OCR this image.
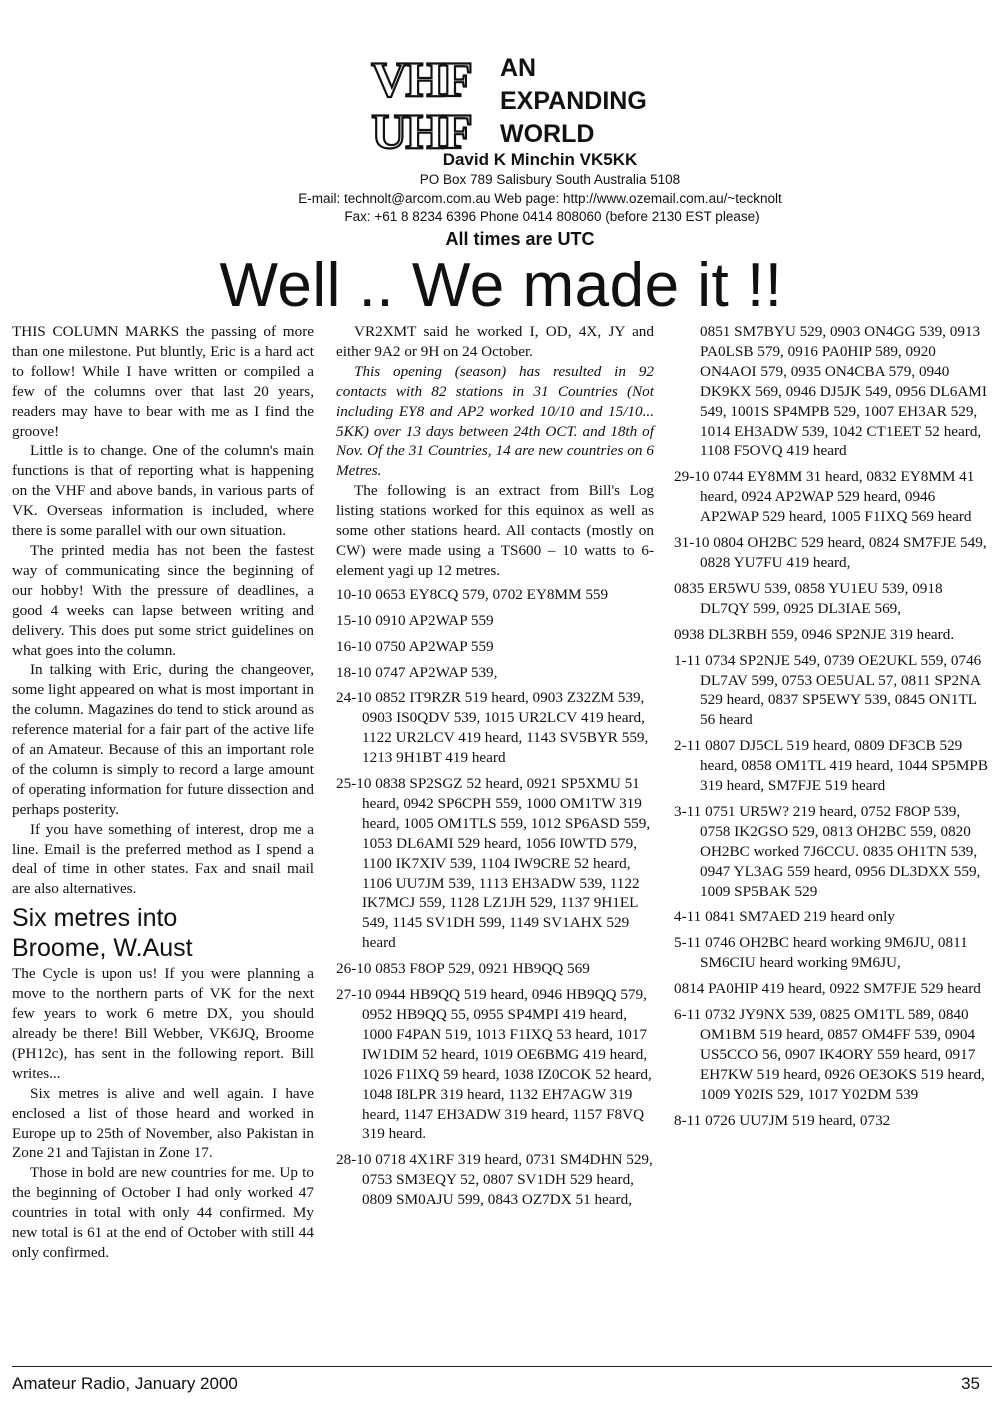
VHF
UHF
AN
EXPANDING
WORLD
David K Minchin VK5KK
PO Box 789 Salisbury South Australia 5108
E-mail: technolt@arcom.com.au Web page: http://www.ozemail.com.au/~tecknolt
Fax: +61 8 8234 6396 Phone 0414 808060 (before 2130 EST please)
All times are UTC
Well .. We made it !!

THIS COLUMN MARKS the passing of more than one milestone. Put bluntly, Eric is a hard act to follow! While I have written or compiled a few of the columns over that last 20 years, readers may have to bear with me as I find the groove!

Little is to change. One of the column's main functions is that of reporting what is happening on the VHF and above bands, in various parts of VK. Overseas information is included, where there is some parallel with our own situation.

The printed media has not been the fastest way of communicating since the beginning of our hobby! With the pressure of deadlines, a good 4 weeks can lapse between writing and delivery. This does put some strict guidelines on what goes into the column.

In talking with Eric, during the changeover, some light appeared on what is most important in the column. Magazines do tend to stick around as reference material for a fair part of the active life of an Amateur. Because of this an important role of the column is simply to record a large amount of operating information for future dissection and perhaps posterity.

If you have something of interest, drop me a line. Email is the preferred method as I spend a deal of time in other states. Fax and snail mail are also alternatives.

Six metres into
Broome, W.Aust

The Cycle is upon us! If you were planning a move to the northern parts of VK for the next few years to work 6 metre DX, you should already be there! Bill Webber, VK6JQ, Broome (PH12c), has sent in the following report. Bill writes...

Six metres is alive and well again. I have enclosed a list of those heard and worked in Europe up to 25th of November, also Pakistan in Zone 21 and Tajistan in Zone 17.

Those in bold are new countries for me. Up to the beginning of October I had only worked 47 countries in total with only 44 confirmed. My new total is 61 at the end of October with still 44 only confirmed.

VR2XMT said he worked I, OD, 4X, JY and either 9A2 or 9H on 24 October.

This opening (season) has resulted in 92 contacts with 82 stations in 31 Countries (Not including EY8 and AP2 worked 10/10 and 15/10... 5KK) over 13 days between 24th OCT. and 18th of Nov. Of the 31 Countries, 14 are new countries on 6 Metres.

The following is an extract from Bill's Log listing stations worked for this equinox as well as some other stations heard. All contacts (mostly on CW) were made using a TS600 – 10 watts to 6-element yagi up 12 metres.

10-10 0653 EY8CQ 579, 0702 EY8MM 559

15-10 0910 AP2WAP 559

16-10 0750 AP2WAP 559

18-10 0747 AP2WAP 539,

24-10 0852 IT9RZR 519 heard, 0903 Z32ZM 539, 0903 IS0QDV 539, 1015 UR2LCV 419 heard, 1122 UR2LCV 419 heard, 1143 SV5BYR 559, 1213 9H1BT 419 heard

25-10 0838 SP2SGZ 52 heard, 0921 SP5XMU 51 heard, 0942 SP6CPH 559, 1000 OM1TW 319 heard, 1005 OM1TLS 559, 1012 SP6ASD 559, 1053 DL6AMI 529 heard, 1056 I0WTD 579, 1100 IK7XIV 539, 1104 IW9CRE 52 heard, 1106 UU7JM 539, 1113 EH3ADW 539, 1122 IK7MCJ 559, 1128 LZ1JH 529, 1137 9H1EL 549, 1145 SV1DH 599, 1149 SV1AHX 529 heard

26-10 0853 F8OP 529, 0921 HB9QQ 569

27-10 0944 HB9QQ 519 heard, 0946 HB9QQ 579, 0952 HB9QQ 55, 0955 SP4MPI 419 heard, 1000 F4PAN 519, 1013 F1IXQ 53 heard, 1017 IW1DIM 52 heard, 1019 OE6BMG 419 heard, 1026 F1IXQ 59 heard, 1038 IZ0COK 52 heard, 1048 I8LPR 319 heard, 1132 EH7AGW 319 heard, 1147 EH3ADW 319 heard, 1157 F8VQ 319 heard.

28-10 0718 4X1RF 319 heard, 0731 SM4DHN 529, 0753 SM3EQY 52, 0807 SV1DH 529 heard, 0809 SM0AJU 599, 0843 OZ7DX 51 heard,

0851 SM7BYU 529, 0903 ON4GG 539, 0913 PA0LSB 579, 0916 PA0HIP 589, 0920 ON4AOI 579, 0935 ON4CBA 579, 0940 DK9KX 569, 0946 DJ5JK 549, 0956 DL6AMI 549, 1001S SP4MPB 529, 1007 EH3AR 529, 1014 EH3ADW 539, 1042 CT1EET 52 heard, 1108 F5OVQ 419 heard

29-10 0744 EY8MM 31 heard, 0832 EY8MM 41 heard, 0924 AP2WAP 529 heard, 0946 AP2WAP 529 heard, 1005 F1IXQ 569 heard

31-10 0804 OH2BC 529 heard, 0824 SM7FJE 549, 0828 YU7FU 419 heard,

0835 ER5WU 539, 0858 YU1EU 539, 0918 DL7QY 599, 0925 DL3IAE 569,

0938 DL3RBH 559, 0946 SP2NJE 319 heard.

1-11 0734 SP2NJE 549, 0739 OE2UKL 559, 0746 DL7AV 599, 0753 OE5UAL 57, 0811 SP2NA 529 heard, 0837 SP5EWY 539, 0845 ON1TL 56 heard

2-11 0807 DJ5CL 519 heard, 0809 DF3CB 529 heard, 0858 OM1TL 419 heard, 1044 SP5MPB 319 heard, SM7FJE 519 heard

3-11 0751 UR5W? 219 heard, 0752 F8OP 539, 0758 IK2GSO 529, 0813 OH2BC 559, 0820 OH2BC worked 7J6CCU. 0835 OH1TN 539, 0947 YL3AG 559 heard, 0956 DL3DXX 559, 1009 SP5BAK 529

4-11 0841 SM7AED 219 heard only

5-11 0746 OH2BC heard working 9M6JU, 0811 SM6CIU heard working 9M6JU,

0814 PA0HIP 419 heard, 0922 SM7FJE 529 heard

6-11 0732 JY9NX 539, 0825 OM1TL 589, 0840 OM1BM 519 heard, 0857 OM4FF 539, 0904 US5CCO 56, 0907 IK4ORY 559 heard, 0917 EH7KW 519 heard, 0926 OE3OKS 519 heard, 1009 Y02IS 529, 1017 Y02DM 539

8-11 0726 UU7JM 519 heard, 0732

Amateur Radio, January 2000	35
